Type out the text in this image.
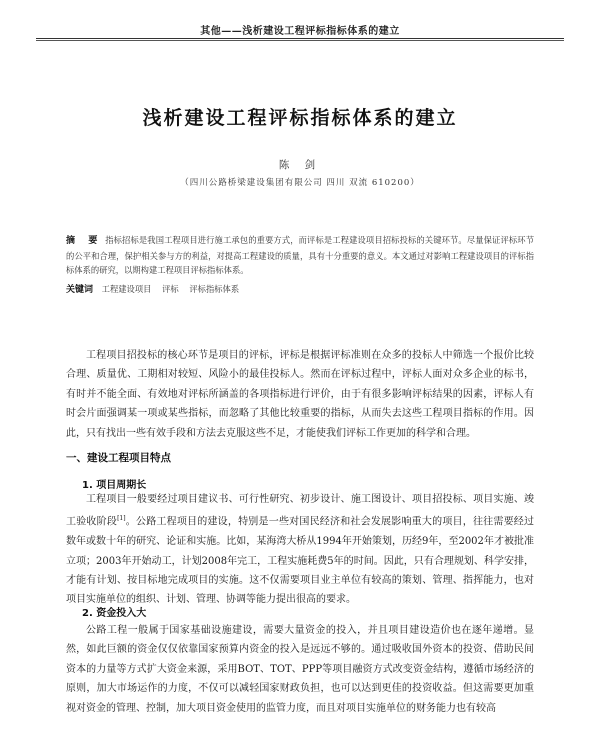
其他——浅析建设工程评标指标体系的建立
浅析建设工程评标指标体系的建立
陈 剑
（四川公路桥梁建设集团有限公司 四川 双流 610200）
摘 要 指标招标是我国工程项目进行施工承包的重要方式，而评标是工程建设项目招标投标的关键环节。尽量保证评标环节的公平和合理，保护相关参与方的利益，对提高工程建设的质量，具有十分重要的意义。本文通过对影响工程建设项目的评标指标体系的研究，以期构建工程项目评标指标体系。
关键词 工程建设项目 评标 评标指标体系
工程项目招投标的核心环节是项目的评标，评标是根据评标准则在众多的投标人中筛选一个报价比较合理、质量优、工期相对较短、风险小的最佳投标人。然而在评标过程中，评标人面对众多企业的标书，有时并不能全面、有效地对评标所涵盖的各项指标进行评价，由于有很多影响评标结果的因素，评标人有时会片面强调某一项或某些指标，而忽略了其他比较重要的指标，从而失去这些工程项目指标的作用。因此，只有找出一些有效手段和方法去克服这些不足，才能使我们评标工作更加的科学和合理。
一、建设工程项目特点
1. 项目周期长
工程项目一般要经过项目建议书、可行性研究、初步设计、施工图设计、项目招投标、项目实施、竣工验收阶段[1]。公路工程项目的建设，特别是一些对国民经济和社会发展影响重大的项目，往往需要经过数年或数十年的研究、论证和实施。比如，某海湾大桥从1994年开始策划，历经9年，至2002年才被批准立项；2003年开始动工，计划2008年完工，工程实施耗费5年的时间。因此，只有合理规划、科学安排，才能有计划、按目标地完成项目的实施。这不仅需要项目业主单位有较高的策划、管理、指挥能力，也对项目实施单位的组织、计划、管理、协调等能力提出很高的要求。
2. 资金投入大
公路工程一般属于国家基础设施建设，需要大量资金的投入，并且项目建设造价也在逐年递增。显然，如此巨额的资金仅仅依靠国家预算内资金的投入是远远不够的。通过吸收国外资本的投资、借助民间资本的力量等方式扩大资金来源，采用BOT、TOT、PPP等项目融资方式改变资金结构，遵循市场经济的原则，加大市场运作的力度，不仅可以减轻国家财政负担，也可以达到更佳的投资收益。但这需要更加重视对资金的管理、控制，加大项目资金使用的监管力度，而且对项目实施单位的财务能力也有较高
